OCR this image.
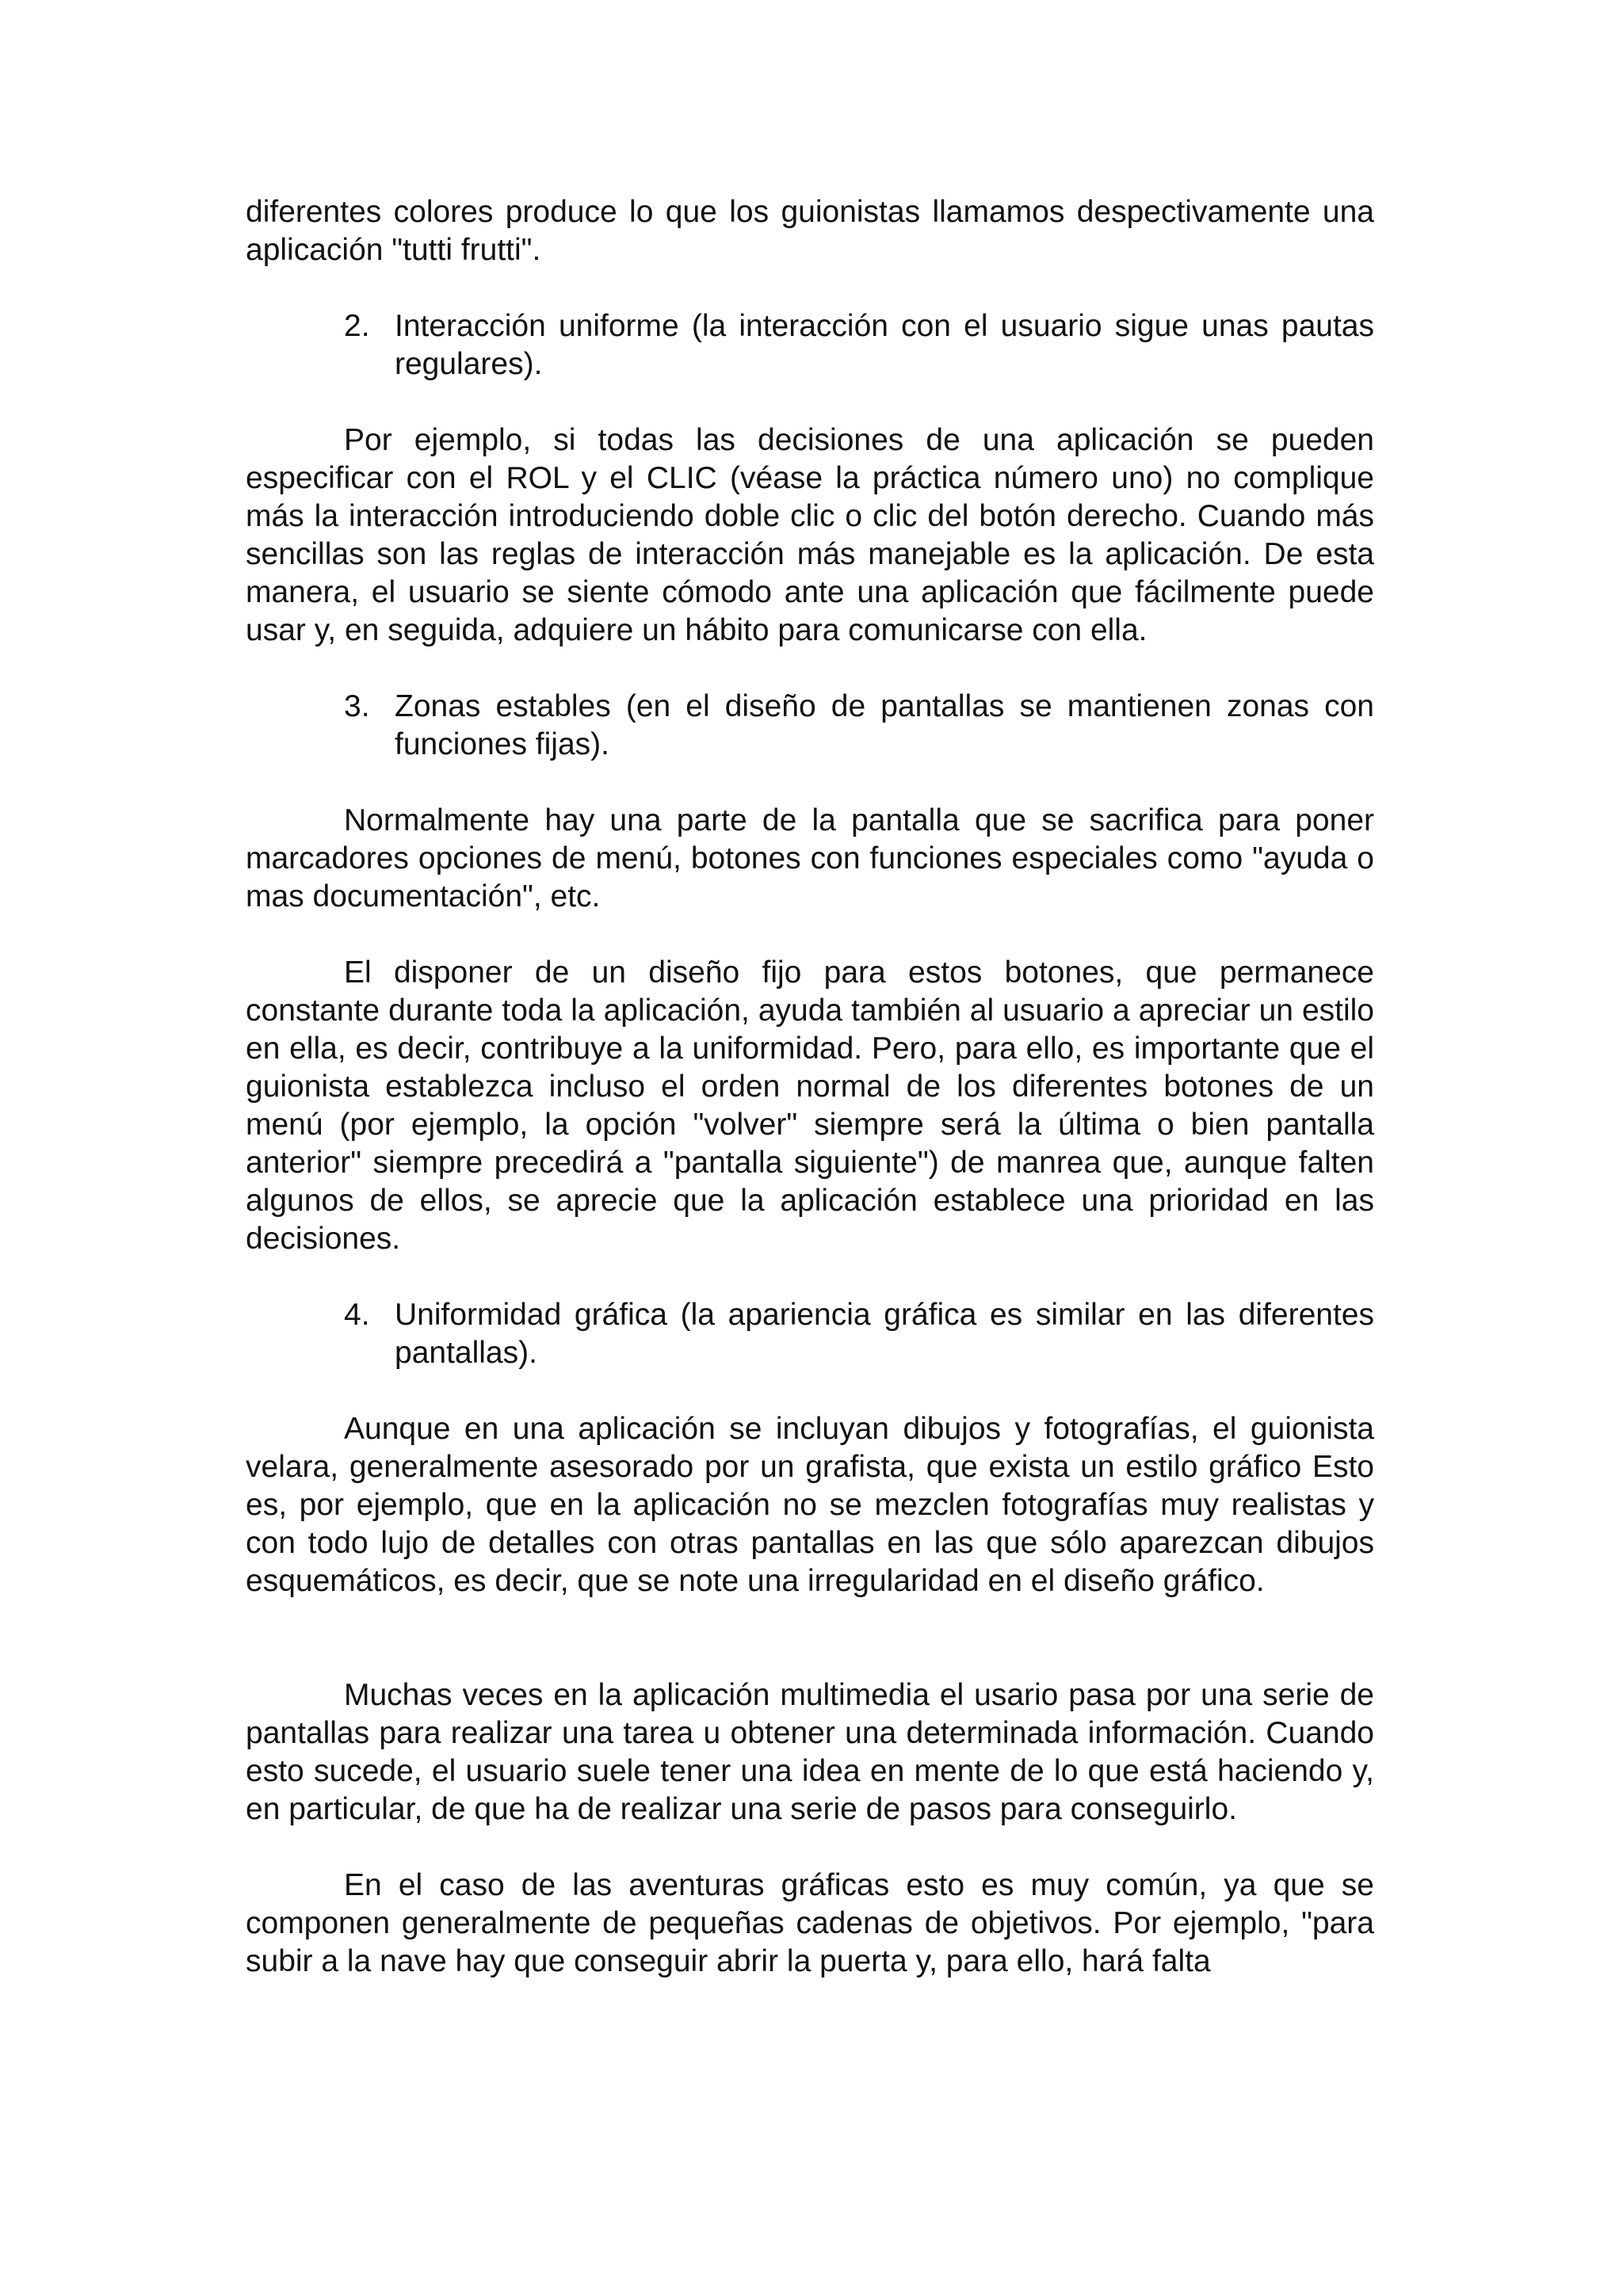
diferentes colores produce lo que los guionistas llamamos despectivamente una aplicación "tutti frutti".

2. Interacción uniforme (la interacción con el usuario sigue unas pautas regulares).

Por ejemplo, si todas las decisiones de una aplicación se pueden especificar con el ROL y el CLIC (véase la práctica número uno) no complique más la interacción introduciendo doble clic o clic del botón derecho. Cuando más sencillas son las reglas de interacción más manejable es la aplicación. De esta manera, el usuario se siente cómodo ante una aplicación que fácilmente puede usar y, en seguida, adquiere un hábito para comunicarse con ella.

3. Zonas estables (en el diseño de pantallas se mantienen zonas con funciones fijas).

Normalmente hay una parte de la pantalla que se sacrifica para poner marcadores opciones de menú, botones con funciones especiales como "ayuda o mas documentación", etc.

El disponer de un diseño fijo para estos botones, que permanece constante durante toda la aplicación, ayuda también al usuario a apreciar un estilo en ella, es decir, contribuye a la uniformidad. Pero, para ello, es importante que el guionista establezca incluso el orden normal de los diferentes botones de un menú (por ejemplo, la opción "volver" siempre será la última o bien pantalla anterior" siempre precedirá a "pantalla siguiente") de manrea que, aunque falten algunos de ellos, se aprecie que la aplicación establece una prioridad en las decisiones.

4. Uniformidad gráfica (la apariencia gráfica es similar en las diferentes pantallas).

Aunque en una aplicación se incluyan dibujos y fotografías, el guionista velara, generalmente asesorado por un grafista, que exista un estilo gráfico Esto es, por ejemplo, que en la aplicación no se mezclen fotografías muy realistas y con todo lujo de detalles con otras pantallas en las que sólo aparezcan dibujos esquemáticos, es decir, que se note una irregularidad en el diseño gráfico.

Muchas veces en la aplicación multimedia el usario pasa por una serie de pantallas para realizar una tarea u obtener una determinada información. Cuando esto sucede, el usuario suele tener una idea en mente de lo que está haciendo y, en particular, de que ha de realizar una serie de pasos para conseguirlo.

En el caso de las aventuras gráficas esto es muy común, ya que se componen generalmente de pequeñas cadenas de objetivos. Por ejemplo, "para subir a la nave hay que conseguir abrir la puerta y, para ello, hará falta
